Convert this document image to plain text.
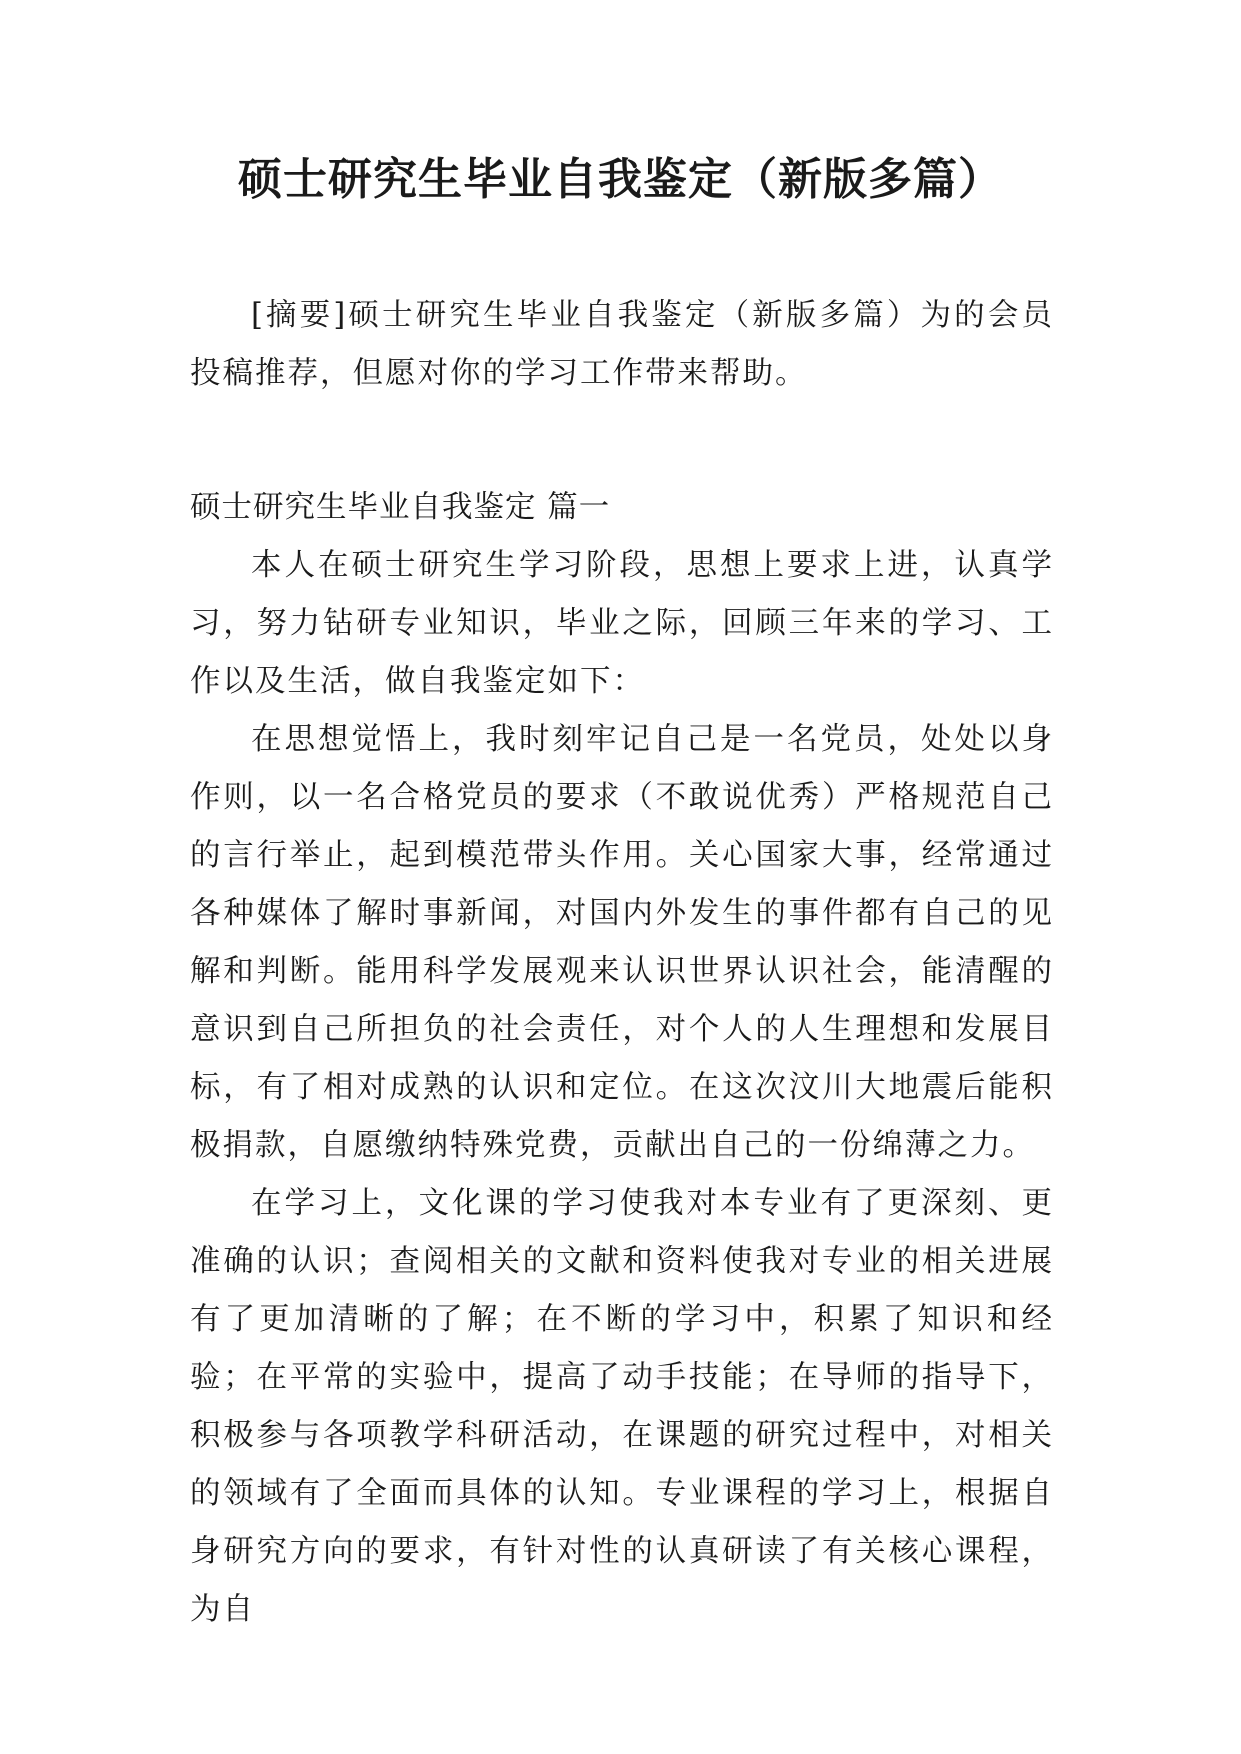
硕士研究生毕业自我鉴定（新版多篇）

[摘要]硕士研究生毕业自我鉴定（新版多篇）为的会员投稿推荐，但愿对你的学习工作带来帮助。

硕士研究生毕业自我鉴定 篇一

本人在硕士研究生学习阶段，思想上要求上进，认真学习，努力钻研专业知识，毕业之际，回顾三年来的学习、工作以及生活，做自我鉴定如下：

在思想觉悟上，我时刻牢记自己是一名党员，处处以身作则，以一名合格党员的要求（不敢说优秀）严格规范自己的言行举止，起到模范带头作用。关心国家大事，经常通过各种媒体了解时事新闻，对国内外发生的事件都有自己的见解和判断。能用科学发展观来认识世界认识社会，能清醒的意识到自己所担负的社会责任，对个人的人生理想和发展目标，有了相对成熟的认识和定位。在这次汶川大地震后能积极捐款，自愿缴纳特殊党费，贡献出自己的一份绵薄之力。

在学习上，文化课的学习使我对本专业有了更深刻、更准确的认识；查阅相关的文献和资料使我对专业的相关进展有了更加清晰的了解；在不断的学习中，积累了知识和经验；在平常的实验中，提高了动手技能；在导师的指导下，积极参与各项教学科研活动，在课题的研究过程中，对相关的领域有了全面而具体的认知。专业课程的学习上，根据自身研究方向的要求，有针对性的认真研读了有关核心课程，为自
